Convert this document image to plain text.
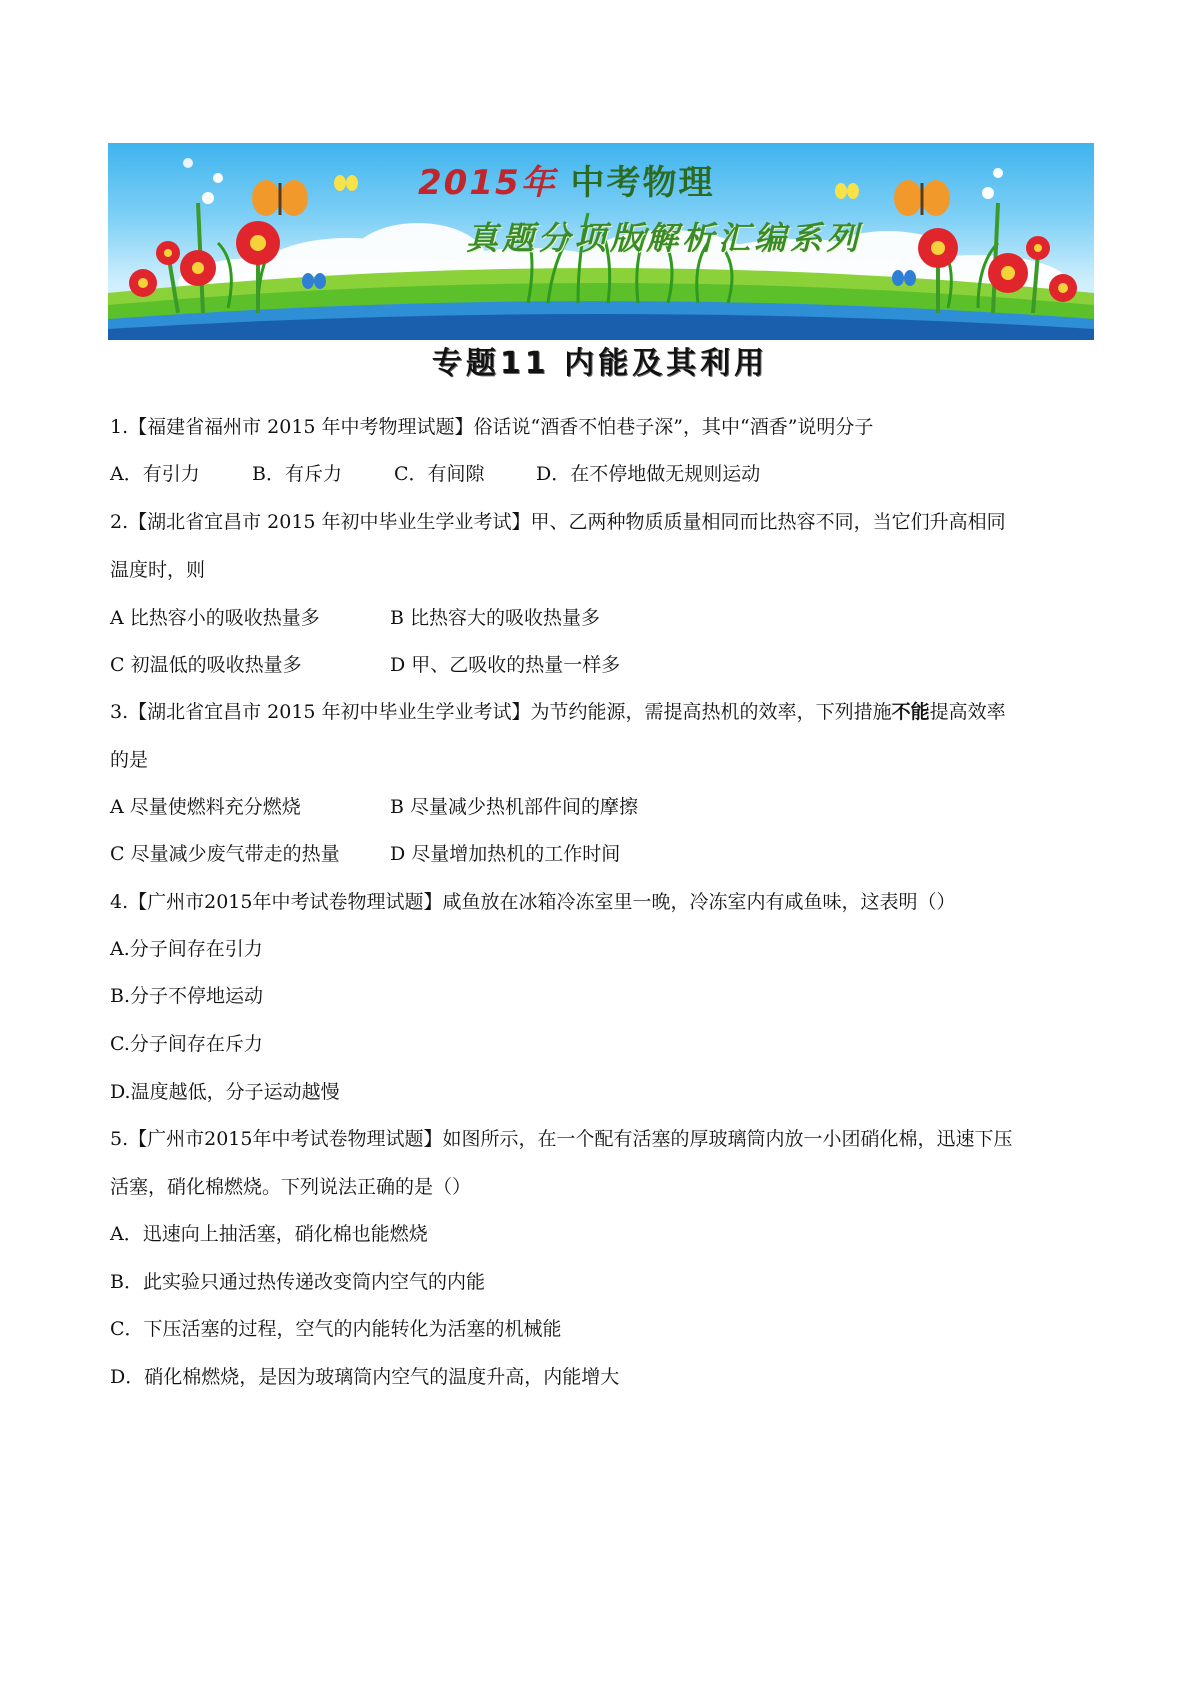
2015年 中考物理
真题分项版解析汇编系列
专题11 内能及其利用
1.【福建省福州市 2015 年中考物理试题】俗话说“酒香不怕巷子深”，其中“酒香”说明分子
A．有引力	B．有斥力	C．有间隙	D．在不停地做无规则运动
2.【湖北省宜昌市 2015 年初中毕业生学业考试】甲、乙两种物质质量相同而比热容不同，当它们升高相同
温度时，则
A 比热容小的吸收热量多	B 比热容大的吸收热量多
C 初温低的吸收热量多	D 甲、乙吸收的热量一样多
3.【湖北省宜昌市 2015 年初中毕业生学业考试】为节约能源，需提高热机的效率，下列措施不能提高效率
的是
A 尽量使燃料充分燃烧	B 尽量减少热机部件间的摩擦
C 尽量减少废气带走的热量	D 尽量增加热机的工作时间
4.【广州市2015年中考试卷物理试题】咸鱼放在冰箱冷冻室里一晚，冷冻室内有咸鱼味，这表明（）
A.分子间存在引力
B.分子不停地运动
C.分子间存在斥力
D.温度越低，分子运动越慢
5.【广州市2015年中考试卷物理试题】如图所示，在一个配有活塞的厚玻璃筒内放一小团硝化棉，迅速下压
活塞，硝化棉燃烧。下列说法正确的是（）
A．迅速向上抽活塞，硝化棉也能燃烧
B．此实验只通过热传递改变筒内空气的内能
C．下压活塞的过程，空气的内能转化为活塞的机械能
D．硝化棉燃烧，是因为玻璃筒内空气的温度升高，内能增大
